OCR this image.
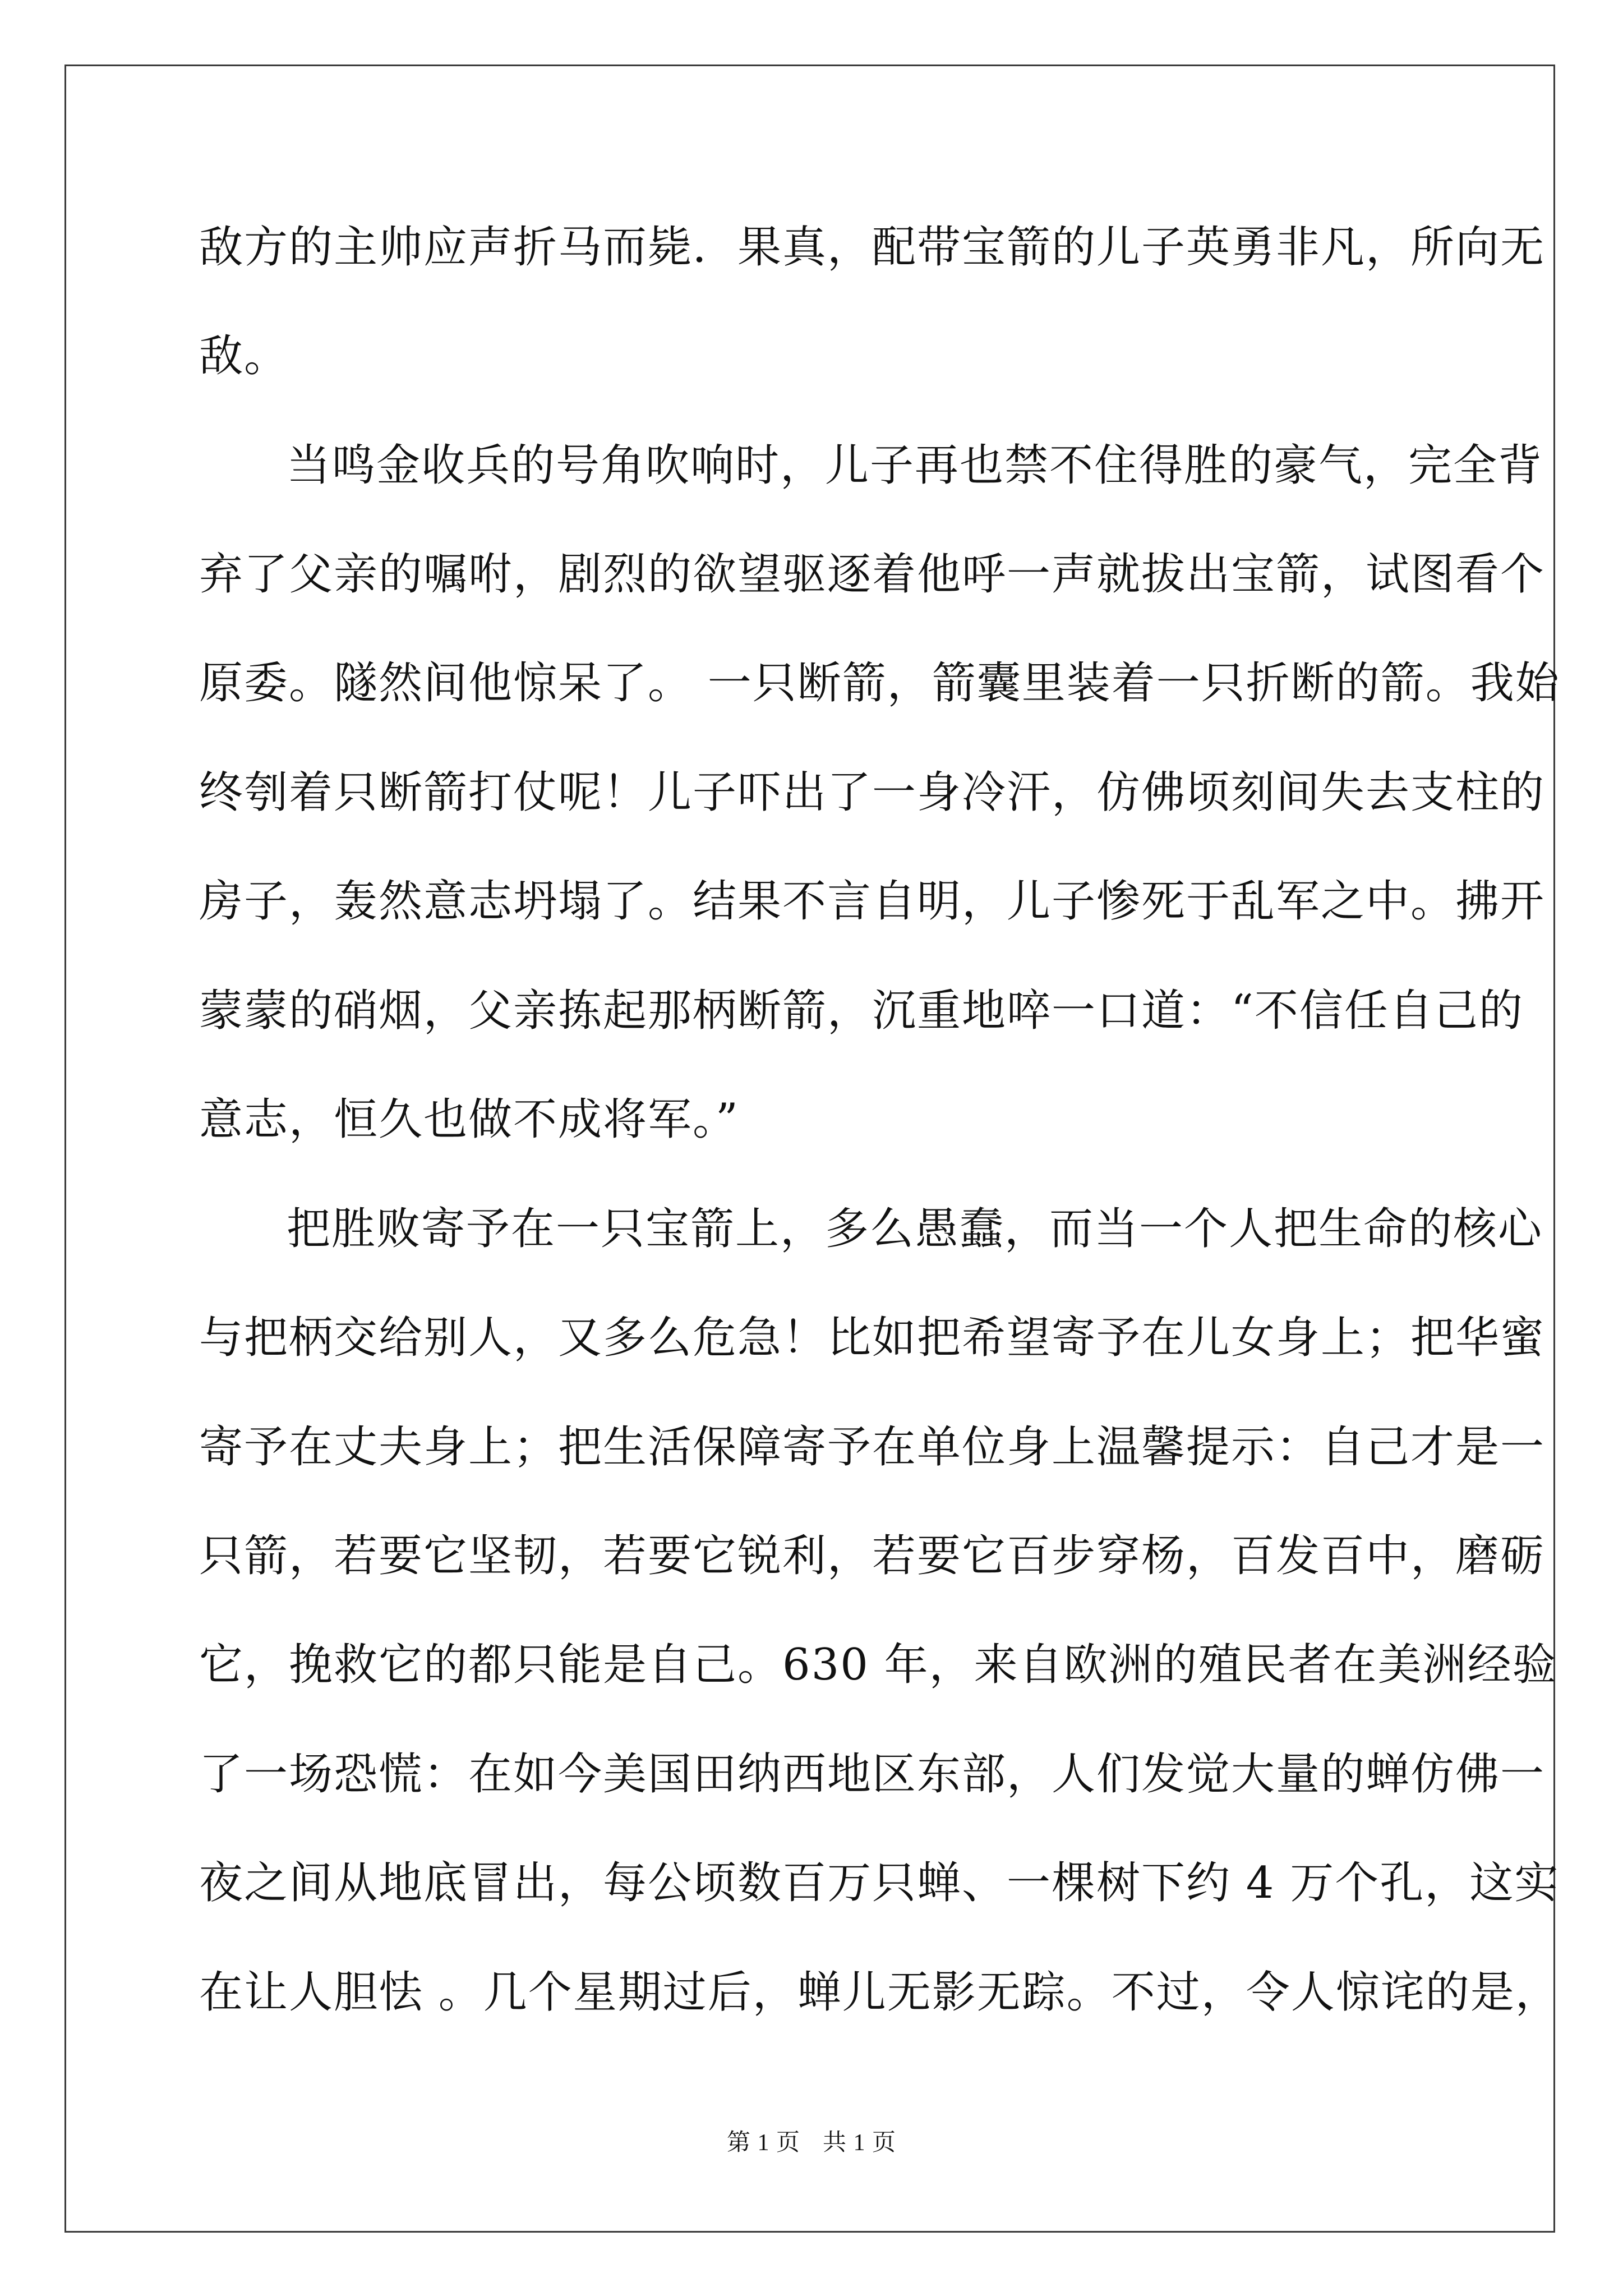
敌方的主帅应声折马而毙．果真，配带宝箭的儿子英勇非凡，所向无
敌。
当鸣金收兵的号角吹响时，儿子再也禁不住得胜的豪气，完全背
弃了父亲的嘱咐，剧烈的欲望驱逐着他呼一声就拔出宝箭，试图看个
原委。隧然间他惊呆了。 一只断箭，箭囊里装着一只折断的箭。我始
终刳着只断箭打仗呢！儿子吓出了一身冷汗，仿佛顷刻间失去支柱的
房子，轰然意志坍塌了。结果不言自明，儿子惨死于乱军之中。拂开
蒙蒙的硝烟，父亲拣起那柄断箭，沉重地啐一口道：“不信任自己的
意志，恒久也做不成将军。”
把胜败寄予在一只宝箭上，多么愚蠢，而当一个人把生命的核心
与把柄交给别人，又多么危急！比如把希望寄予在儿女身上；把华蜜
寄予在丈夫身上；把生活保障寄予在单位身上温馨提示：自己才是一
只箭，若要它坚韧，若要它锐利，若要它百步穿杨，百发百中，磨砺
它，挽救它的都只能是自己。630 年，来自欧洲的殖民者在美洲经验
了一场恐慌：在如今美国田纳西地区东部，人们发觉大量的蝉仿佛一
夜之间从地底冒出，每公顷数百万只蝉、一棵树下约 4 万个孔，这实
在让人胆怯 。几个星期过后，蝉儿无影无踪。不过，令人惊诧的是，
第 1 页 共 1 页
